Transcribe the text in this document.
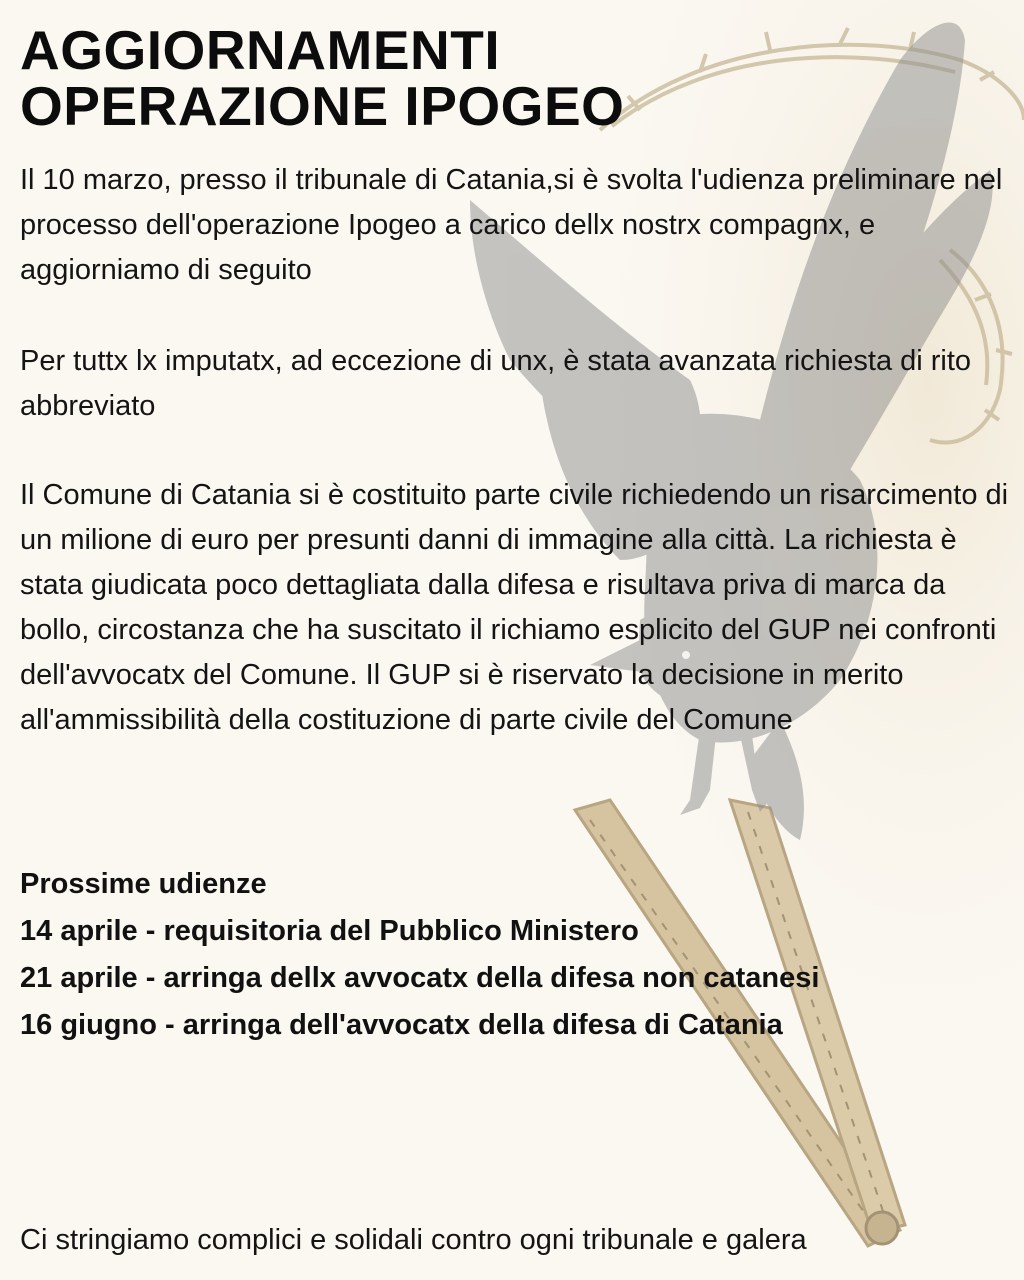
AGGIORNAMENTI
OPERAZIONE IPOGEO

Il 10 marzo, presso il tribunale di Catania,si è svolta l'udienza preliminare nel processo dell'operazione Ipogeo a carico dellx nostrx compagnx, e aggiorniamo di seguito

Per tuttx lx imputatx, ad eccezione di unx, è stata avanzata richiesta di rito abbreviato

Il Comune di Catania si è costituito parte civile richiedendo un risarcimento di un milione di euro per presunti danni di immagine alla città. La richiesta è stata giudicata poco dettagliata dalla difesa e risultava priva di marca da bollo, circostanza che ha suscitato il richiamo esplicito del GUP nei confronti dell'avvocatx del Comune. Il GUP si è riservato la decisione in merito all'ammissibilità della costituzione di parte civile del Comune

Prossime udienze
14 aprile - requisitoria del Pubblico Ministero
21 aprile - arringa dellx avvocatx della difesa non catanesi
16 giugno - arringa dell'avvocatx della difesa di Catania
Ci stringiamo complici e solidali contro ogni tribunale e galera
